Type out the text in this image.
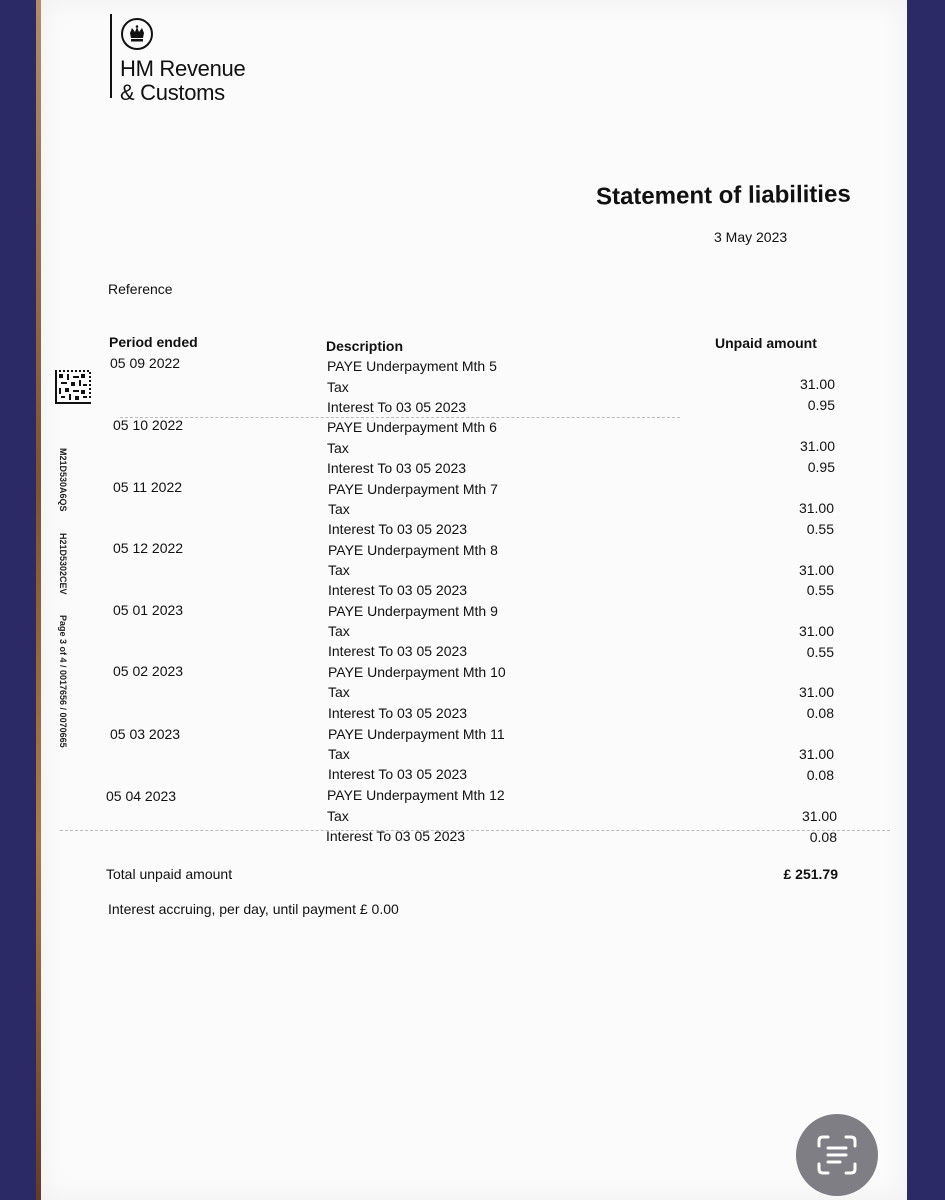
HM Revenue
& Customs
Statement of liabilities
3 May 2023
Reference
Period ended	Description	Unpaid amount
M21D530A6QS
H21D5302CEV
Page 3 of 4 / 0017656 / 0070665
05 09 2022	PAYE Underpayment Mth 5
Tax	31.00
Interest To 03 05 2023	0.95
05 10 2022	PAYE Underpayment Mth 6
Tax	31.00
Interest To 03 05 2023	0.95
05 11 2022	PAYE Underpayment Mth 7
Tax	31.00
Interest To 03 05 2023	0.55
05 12 2022	PAYE Underpayment Mth 8
Tax	31.00
Interest To 03 05 2023	0.55
05 01 2023	PAYE Underpayment Mth 9
Tax	31.00
Interest To 03 05 2023	0.55
05 02 2023	PAYE Underpayment Mth 10
Tax	31.00
Interest To 03 05 2023	0.08
05 03 2023	PAYE Underpayment Mth 11
Tax	31.00
Interest To 03 05 2023	0.08
05 04 2023	PAYE Underpayment Mth 12
Tax	31.00
Interest To 03 05 2023	0.08
Total unpaid amount	£ 251.79
Interest accruing, per day, until payment £ 0.00
